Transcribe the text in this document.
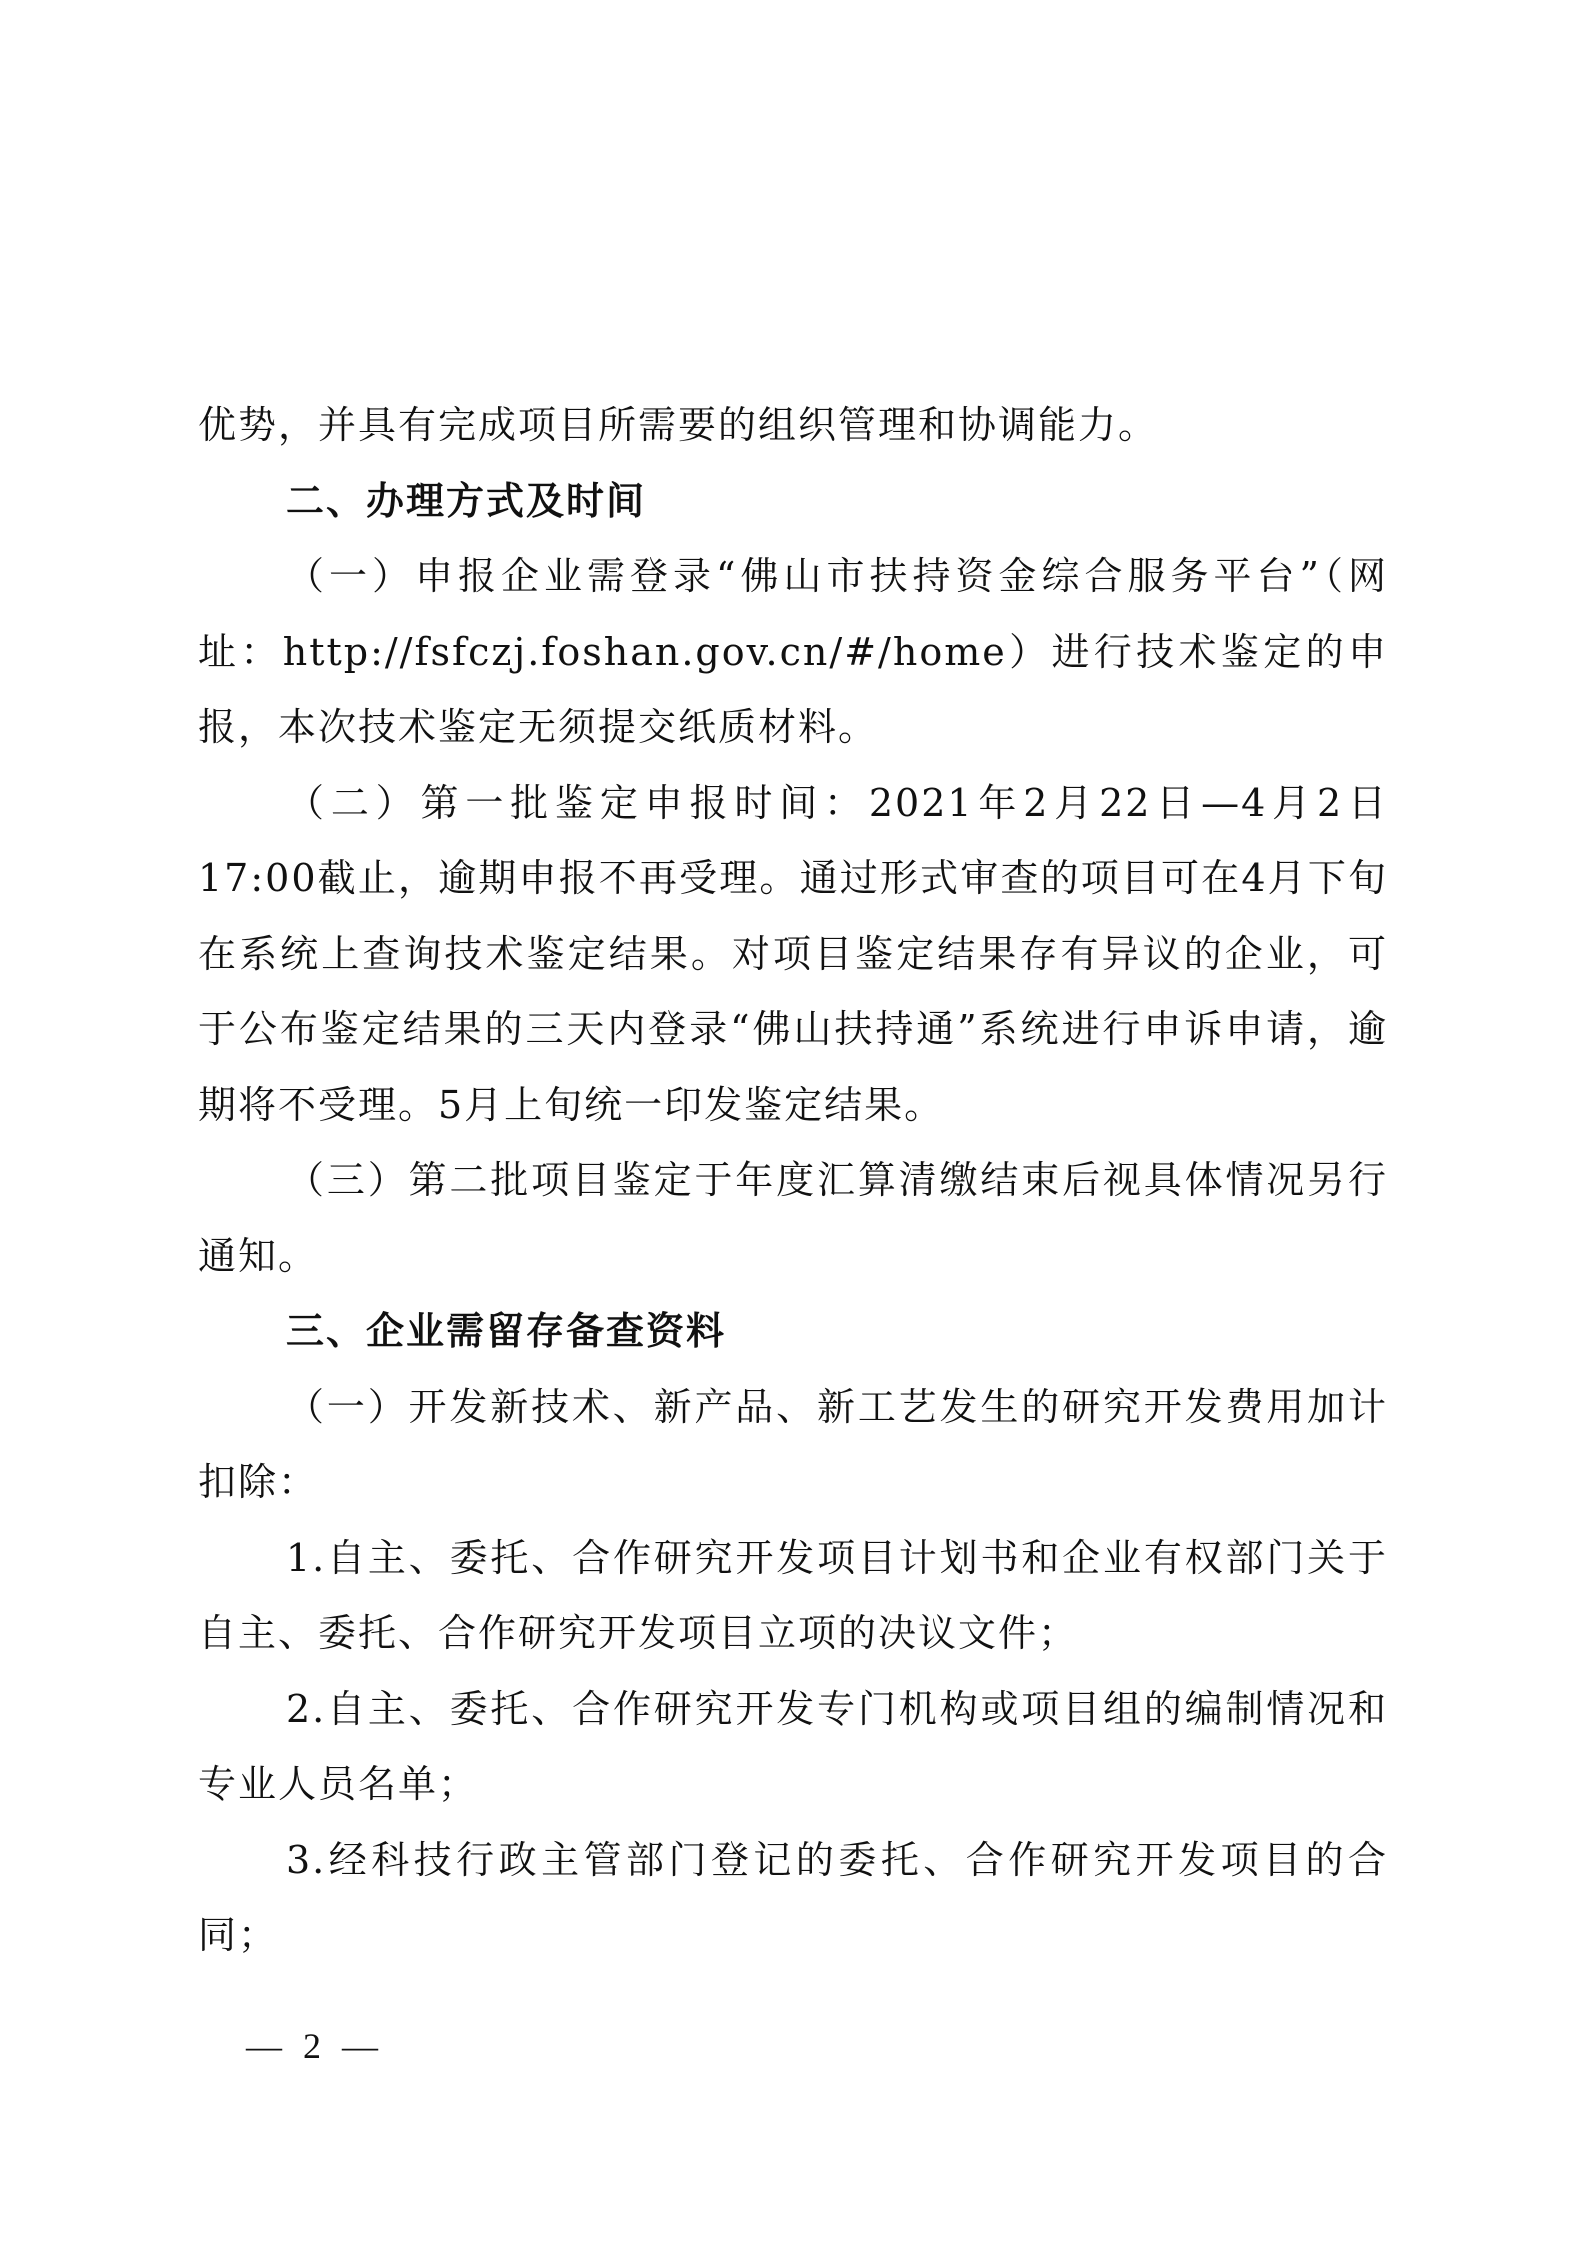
优势，并具有完成项目所需要的组织管理和协调能力。

二、办理方式及时间

（一）申报企业需登录“佛山市扶持资金综合服务平台”（网址：http://fsfczj.foshan.gov.cn/#/home）进行技术鉴定的申报，本次技术鉴定无须提交纸质材料。

（二）第一批鉴定申报时间：2021年2月22日—4月2日17:00截止，逾期申报不再受理。通过形式审查的项目可在4月下旬在系统上查询技术鉴定结果。对项目鉴定结果存有异议的企业，可于公布鉴定结果的三天内登录“佛山扶持通”系统进行申诉申请，逾期将不受理。5月上旬统一印发鉴定结果。

（三）第二批项目鉴定于年度汇算清缴结束后视具体情况另行通知。

三、企业需留存备查资料

（一）开发新技术、新产品、新工艺发生的研究开发费用加计扣除：

1.自主、委托、合作研究开发项目计划书和企业有权部门关于自主、委托、合作研究开发项目立项的决议文件；

2.自主、委托、合作研究开发专门机构或项目组的编制情况和专业人员名单；

3.经科技行政主管部门登记的委托、合作研究开发项目的合同；

— 2 —
